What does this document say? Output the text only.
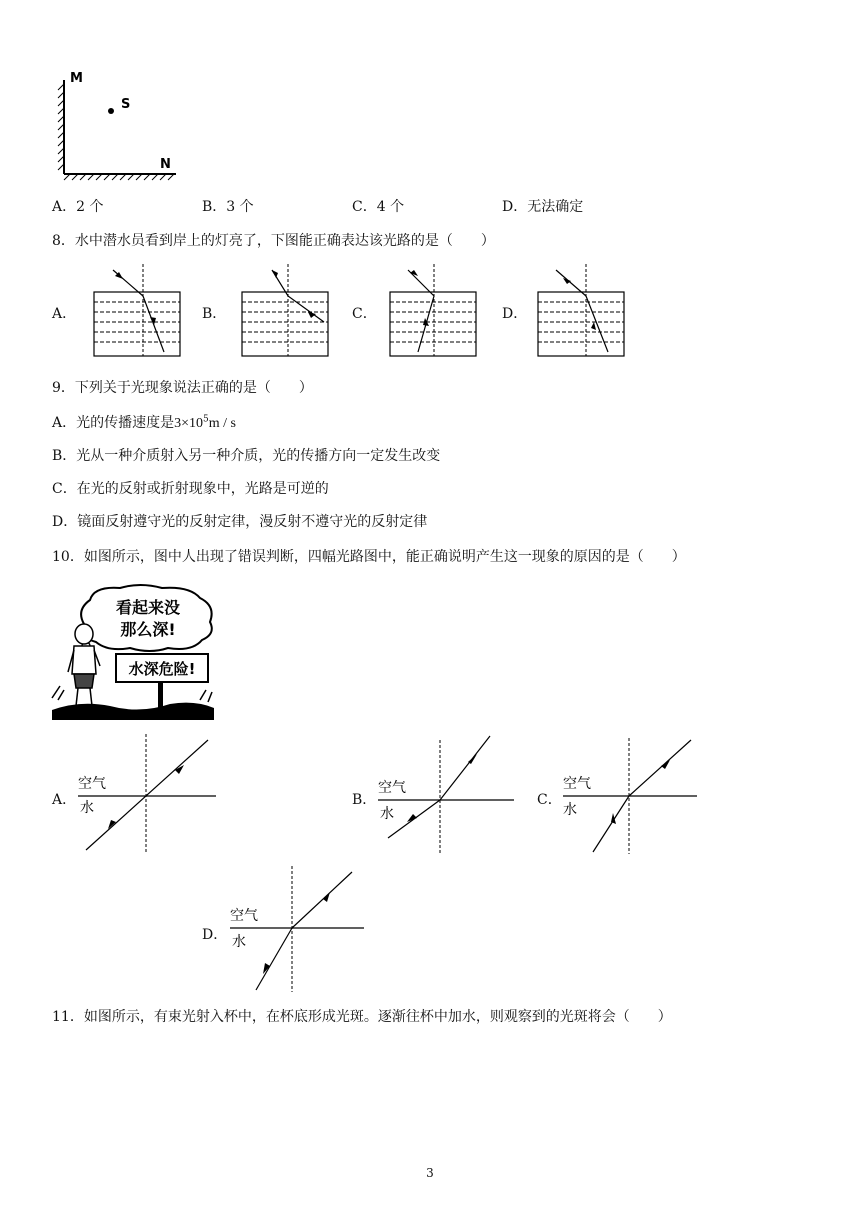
M
S
N
A．2 个	B．3 个	C．4 个	D．无法确定
8．水中潜水员看到岸上的灯亮了，下图能正确表达该光路的是（　　）
A．	B．	C．	D．
9．下列关于光现象说法正确的是（　　）
A．光的传播速度是$3\times 10^5m / s$
B．光从一种介质射入另一种介质，光的传播方向一定发生改变
C．在光的反射或折射现象中，光路是可逆的
D．镜面反射遵守光的反射定律，漫反射不遵守光的反射定律
10．如图所示，图中人出现了错误判断，四幅光路图中，能正确说明产生这一现象的原因的是（　　）
看起来没
那么深!
水深危险!
A．	B．	C．
D．
空气
水
空气
水
空气
水
空气
水
11．如图所示，有束光射入杯中，在杯底形成光斑。逐渐往杯中加水，则观察到的光斑将会（　　）
3
